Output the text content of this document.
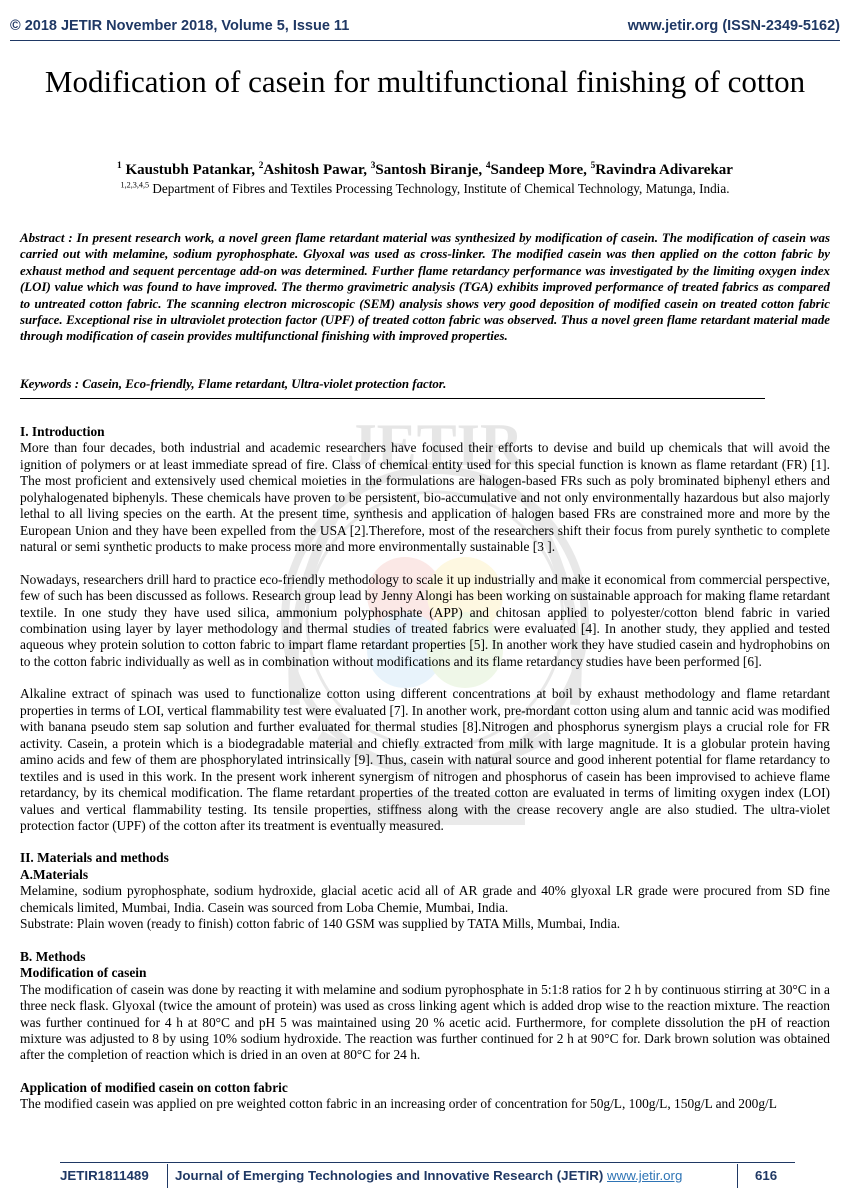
© 2018 JETIR November 2018, Volume 5, Issue 11	www.jetir.org (ISSN-2349-5162)
JETIR
Modification of casein for multifunctional finishing of cotton
$^1$ Kaustubh Patankar, $^2$Ashitosh Pawar, $^3$Santosh Biranje, $^4$Sandeep More, $^5$Ravindra Adivarekar
$^{1,2,3,4,5}$ Department of Fibres and Textiles Processing Technology, Institute of Chemical Technology, Matunga, India.

Abstract : In present research work, a novel green flame retardant material was synthesized by modification of casein. The modification of casein was carried out with melamine, sodium pyrophosphate. Glyoxal was used as cross-linker. The modified casein was then applied on the cotton fabric by exhaust method and sequent percentage add-on was determined. Further flame retardancy performance was investigated by the limiting oxygen index (LOI) value which was found to have improved. The thermo gravimetric analysis (TGA) exhibits improved performance of treated fabrics as compared to untreated cotton fabric. The scanning electron microscopic (SEM) analysis shows very good deposition of modified casein on treated cotton fabric surface. Exceptional rise in ultraviolet protection factor (UPF) of treated cotton fabric was observed. Thus a novel green flame retardant material made through modification of casein provides multifunctional finishing with improved properties.

Keywords : Casein, Eco-friendly, Flame retardant, Ultra-violet protection factor.

I. Introduction

More than four decades, both industrial and academic researchers have focused their efforts to devise and build up chemicals that will avoid the ignition of polymers or at least immediate spread of fire. Class of chemical entity used for this special function is known as flame retardant (FR) [1]. The most proficient and extensively used chemical moieties in the formulations are halogen-based FRs such as poly brominated biphenyl ethers and polyhalogenated biphenyls. These chemicals have proven to be persistent, bio-accumulative and not only environmentally hazardous but also majorly lethal to all living species on the earth. At the present time, synthesis and application of halogen based FRs are constrained more and more by the European Union and they have been expelled from the USA [2].Therefore, most of the researchers shift their focus from purely synthetic to complete natural or semi synthetic products to make process more and more environmentally sustainable [3 ].

Nowadays, researchers drill hard to practice eco-friendly methodology to scale it up industrially and make it economical from commercial perspective, few of such has been discussed as follows. Research group lead by Jenny Alongi has been working on sustainable approach for making flame retardant textile. In one study they have used silica, ammonium polyphosphate (APP) and chitosan applied to polyester/cotton blend fabric in varied combination using layer by layer methodology and thermal studies of treated fabrics were evaluated [4]. In another study, they applied and tested aqueous whey protein solution to cotton fabric to impart flame retardant properties [5]. In another work they have studied casein and hydrophobins on to the cotton fabric individually as well as in combination without modifications and its flame retardancy studies have been performed [6].

Alkaline extract of spinach was used to functionalize cotton using different concentrations at boil by exhaust methodology and flame retardant properties in terms of LOI, vertical flammability test were evaluated [7]. In another work, pre-mordant cotton using alum and tannic acid was modified with banana pseudo stem sap solution and further evaluated for thermal studies [8].Nitrogen and phosphorus synergism plays a crucial role for FR activity. Casein, a protein which is a biodegradable material and chiefly extracted from milk with large magnitude. It is a globular protein having amino acids and few of them are phosphorylated intrinsically [9]. Thus, casein with natural source and good inherent potential for flame retardancy to textiles and is used in this work. In the present work inherent synergism of nitrogen and phosphorus of casein has been improvised to achieve flame retardancy, by its chemical modification. The flame retardant properties of the treated cotton are evaluated in terms of limiting oxygen index (LOI) values and vertical flammability testing. Its tensile properties, stiffness along with the crease recovery angle are also studied. The ultra-violet protection factor (UPF) of the cotton after its treatment is eventually measured.

II. Materials and methods

A.Materials

Melamine, sodium pyrophosphate, sodium hydroxide, glacial acetic acid all of AR grade and 40% glyoxal LR grade were procured from SD fine chemicals limited, Mumbai, India. Casein was sourced from Loba Chemie, Mumbai, India.

Substrate: Plain woven (ready to finish) cotton fabric of 140 GSM was supplied by TATA Mills, Mumbai, India.

B. Methods

Modification of casein

The modification of casein was done by reacting it with melamine and sodium pyrophosphate in 5:1:8 ratios for 2 h by continuous stirring at 30°C in a three neck flask. Glyoxal (twice the amount of protein) was used as cross linking agent which is added drop wise to the reaction mixture. The reaction was further continued for 4 h at 80°C and pH 5 was maintained using 20 % acetic acid. Furthermore, for complete dissolution the pH of reaction mixture was adjusted to 8 by using 10% sodium hydroxide. The reaction was further continued for 2 h at 90°C for. Dark brown solution was obtained after the completion of reaction which is dried in an oven at 80°C for 24 h.

Application of modified casein on cotton fabric

The modified casein was applied on pre weighted cotton fabric in an increasing order of concentration for 50g/L, 100g/L, 150g/L and 200g/L

JETIR1811489 Journal of Emerging Technologies and Innovative Research (JETIR) www.jetir.org	616
